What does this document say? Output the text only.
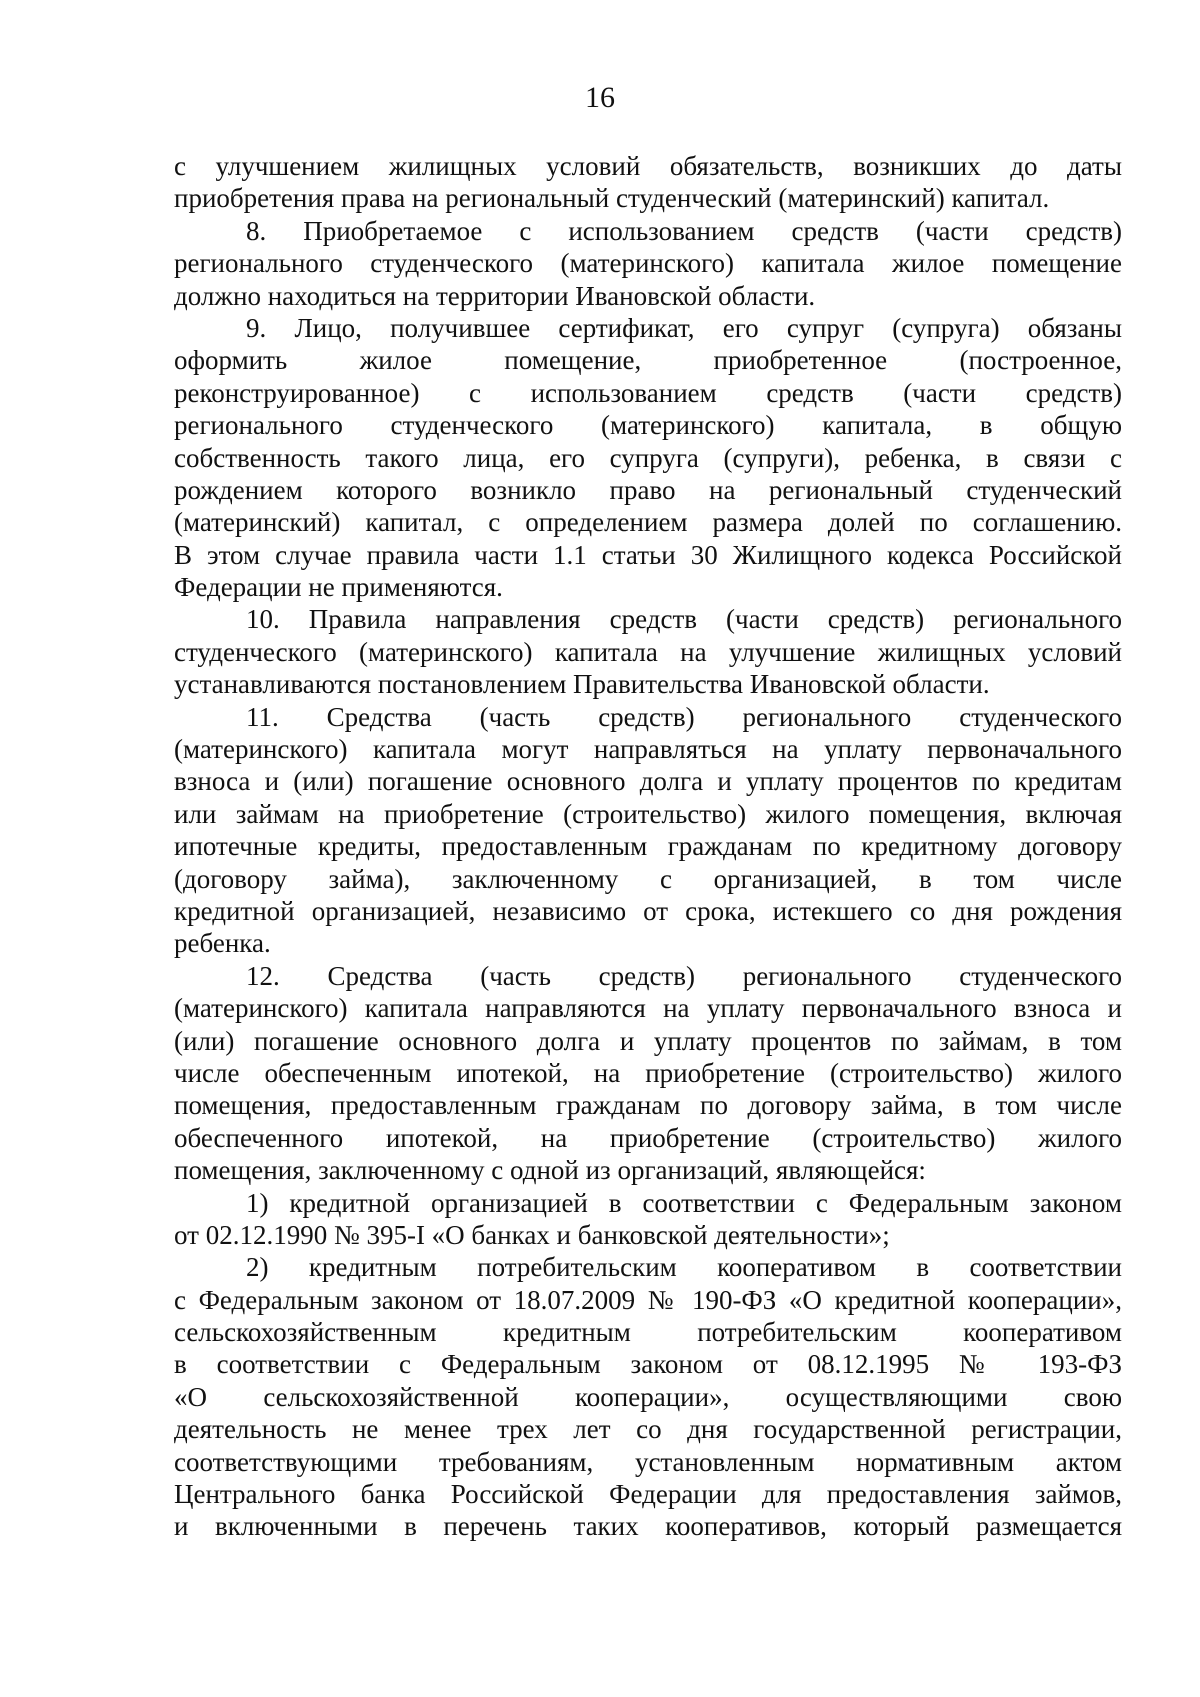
16
с улучшением жилищных условий обязательств, возникших до даты
приобретения права на региональный студенческий (материнский) капитал.
8. Приобретаемое с использованием средств (части средств)
регионального студенческого (материнского) капитала жилое помещение
должно находиться на территории Ивановской области.
9. Лицо, получившее сертификат, его супруг (супруга) обязаны
оформить жилое помещение, приобретенное (построенное,
реконструированное) с использованием средств (части средств)
регионального студенческого (материнского) капитала, в общую
собственность такого лица, его супруга (супруги), ребенка, в связи с
рождением которого возникло право на региональный студенческий
(материнский) капитал, с определением размера долей по соглашению.
В этом случае правила части 1.1 статьи 30 Жилищного кодекса Российской
Федерации не применяются.
10. Правила направления средств (части средств) регионального
студенческого (материнского) капитала на улучшение жилищных условий
устанавливаются постановлением Правительства Ивановской области.
11. Средства (часть средств) регионального студенческого
(материнского) капитала могут направляться на уплату первоначального
взноса и (или) погашение основного долга и уплату процентов по кредитам
или займам на приобретение (строительство) жилого помещения, включая
ипотечные кредиты, предоставленным гражданам по кредитному договору
(договору займа), заключенному с организацией, в том числе
кредитной организацией, независимо от срока, истекшего со дня рождения
ребенка.
12. Средства (часть средств) регионального студенческого
(материнского) капитала направляются на уплату первоначального взноса и
(или) погашение основного долга и уплату процентов по займам, в том
числе обеспеченным ипотекой, на приобретение (строительство) жилого
помещения, предоставленным гражданам по договору займа, в том числе
обеспеченного ипотекой, на приобретение (строительство) жилого
помещения, заключенному с одной из организаций, являющейся:
1) кредитной организацией в соответствии с Федеральным законом
от 02.12.1990 № 395-I «О банках и банковской деятельности»;
2) кредитным потребительским кооперативом в соответствии
с Федеральным законом от 18.07.2009 № 190-ФЗ «О кредитной кооперации»,
сельскохозяйственным кредитным потребительским кооперативом
в соответствии с Федеральным законом от 08.12.1995 № 193-ФЗ
«О сельскохозяйственной кооперации», осуществляющими свою
деятельность не менее трех лет со дня государственной регистрации,
соответствующими требованиям, установленным нормативным актом
Центрального банка Российской Федерации для предоставления займов,
и включенными в перечень таких кооперативов, который размещается
